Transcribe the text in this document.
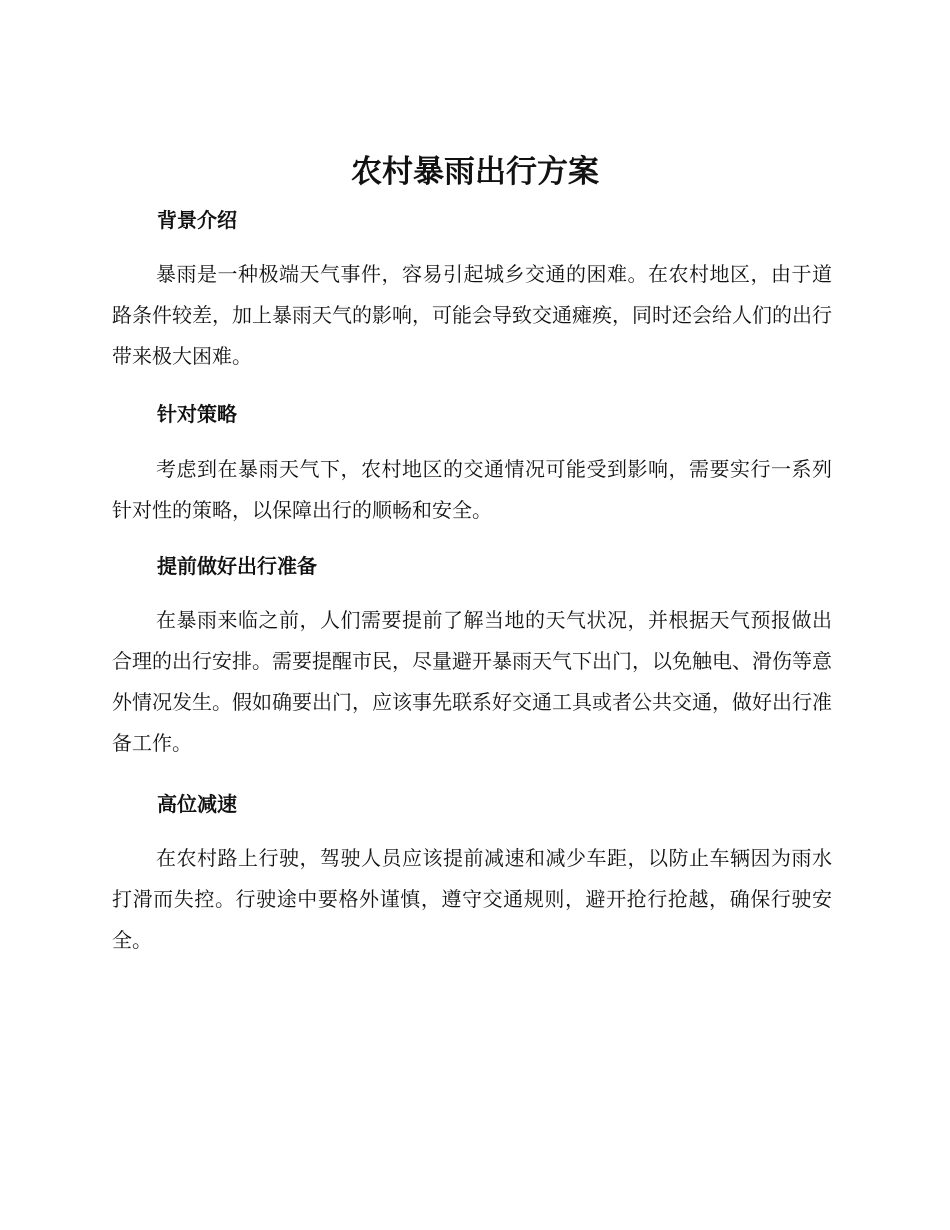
农村暴雨出行方案
背景介绍

暴雨是一种极端天气事件，容易引起城乡交通的困难。在农村地区，由于道路条件较差，加上暴雨天气的影响，可能会导致交通瘫痪，同时还会给人们的出行带来极大困难。

针对策略

考虑到在暴雨天气下，农村地区的交通情况可能受到影响，需要实行一系列针对性的策略，以保障出行的顺畅和安全。

提前做好出行准备

在暴雨来临之前，人们需要提前了解当地的天气状况，并根据天气预报做出合理的出行安排。需要提醒市民，尽量避开暴雨天气下出门，以免触电、滑伤等意外情况发生。假如确要出门，应该事先联系好交通工具或者公共交通，做好出行准备工作。

高位减速

在农村路上行驶，驾驶人员应该提前减速和减少车距，以防止车辆因为雨水打滑而失控。行驶途中要格外谨慎，遵守交通规则，避开抢行抢越，确保行驶安全。
